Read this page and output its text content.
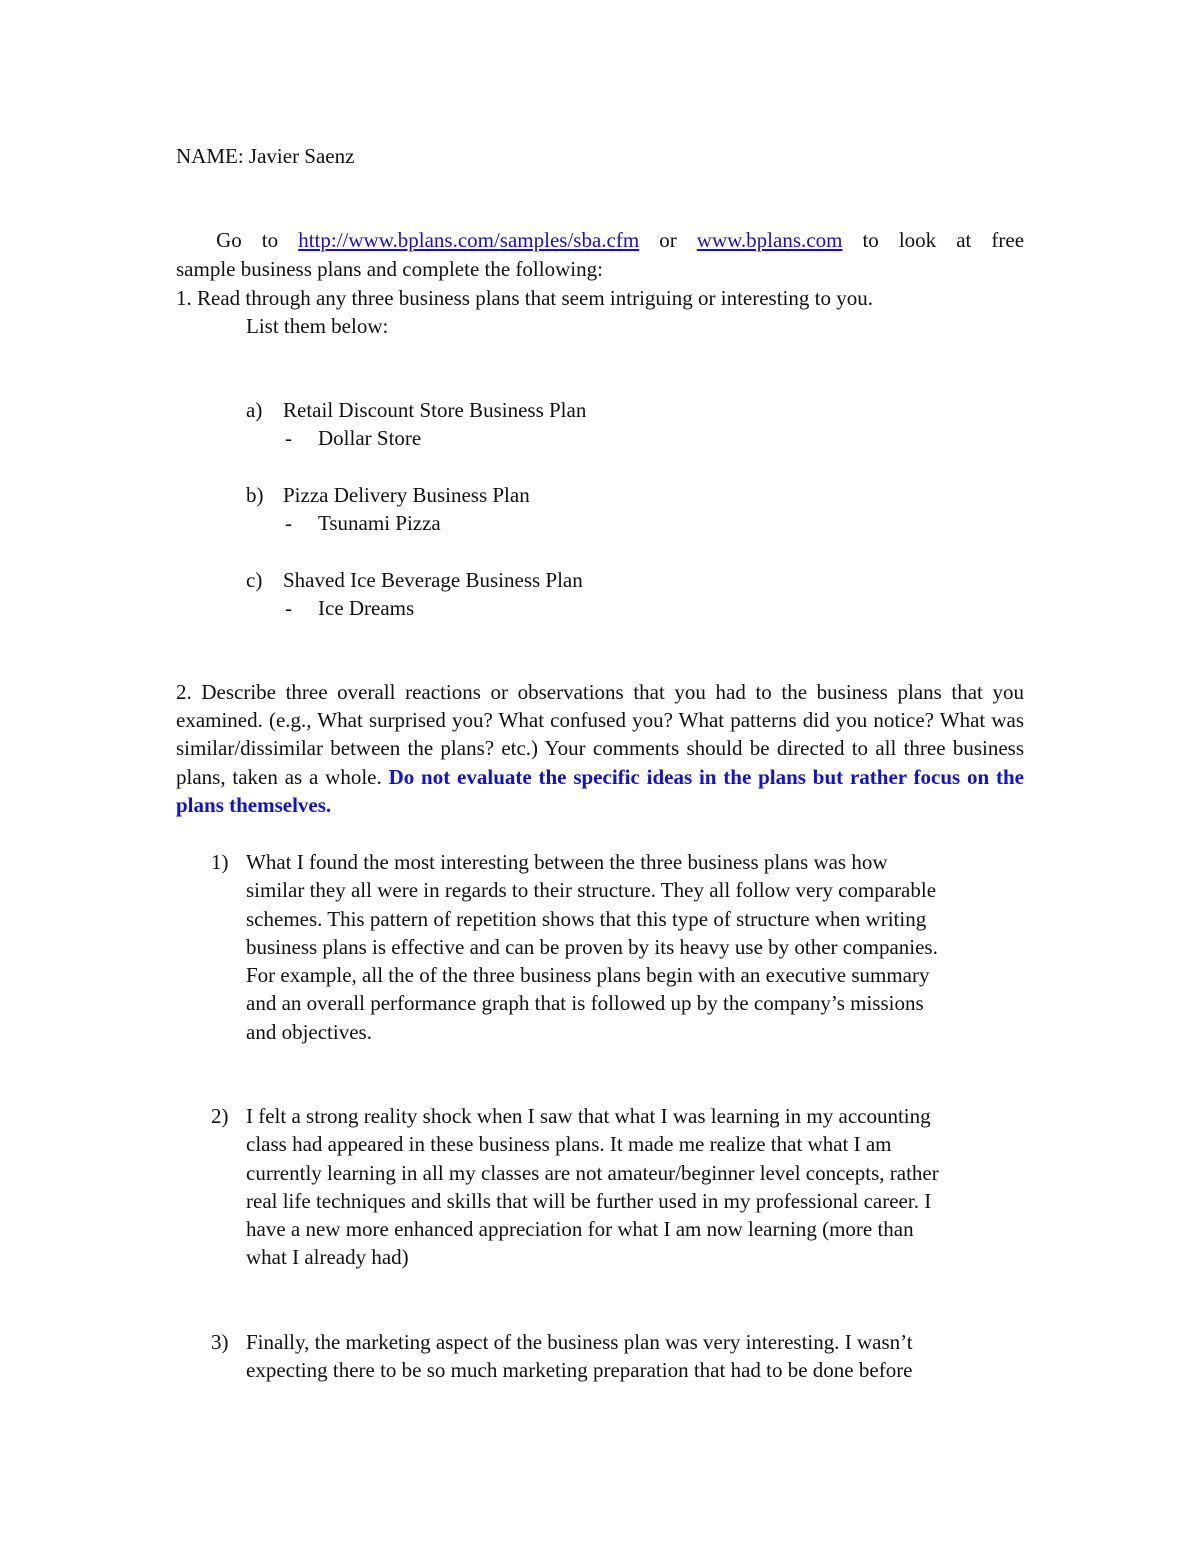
NAME: Javier Saenz
Go to http://www.bplans.com/samples/sba.cfm or www.bplans.com to look at free
sample business plans and complete the following:
1. Read through any three business plans that seem intriguing or interesting to you.
List them below:
a) Retail Discount Store Business Plan
- Dollar Store
b) Pizza Delivery Business Plan
- Tsunami Pizza
c) Shaved Ice Beverage Business Plan
- Ice Dreams
2. Describe three overall reactions or observations that you had to the business plans that you examined. (e.g., What surprised you? What confused you? What patterns did you notice? What was similar/dissimilar between the plans? etc.) Your comments should be directed to all three business plans, taken as a whole. Do not evaluate the specific ideas in the plans but rather focus on the plans themselves.
1) What I found the most interesting between the three business plans was how
similar they all were in regards to their structure. They all follow very comparable
schemes. This pattern of repetition shows that this type of structure when writing
business plans is effective and can be proven by its heavy use by other companies.
For example, all the of the three business plans begin with an executive summary
and an overall performance graph that is followed up by the company’s missions
and objectives.
2) I felt a strong reality shock when I saw that what I was learning in my accounting
class had appeared in these business plans. It made me realize that what I am
currently learning in all my classes are not amateur/beginner level concepts, rather
real life techniques and skills that will be further used in my professional career. I
have a new more enhanced appreciation for what I am now learning (more than
what I already had)
3) Finally, the marketing aspect of the business plan was very interesting. I wasn’t
expecting there to be so much marketing preparation that had to be done before
